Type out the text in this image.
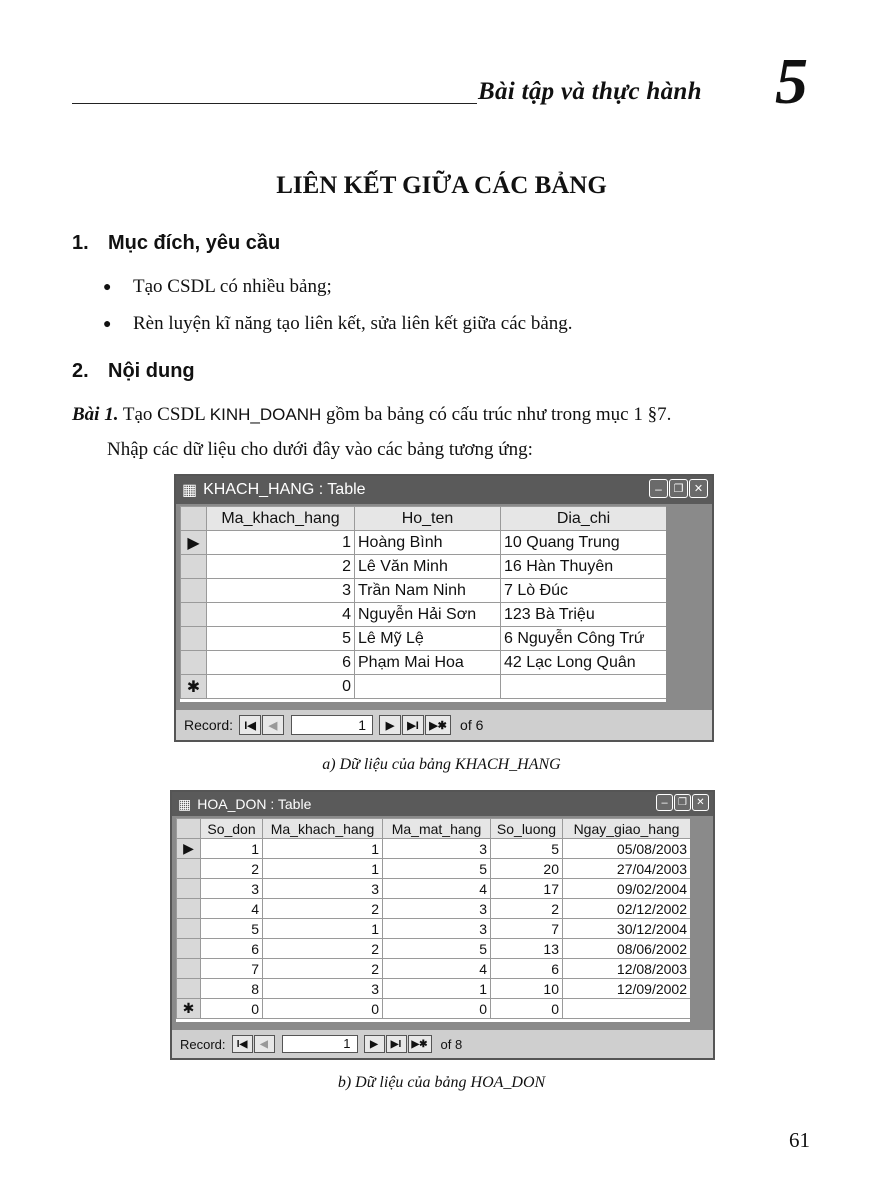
Bài tập và thực hành 5
LIÊN KẾT GIỮA CÁC BẢNG
1. Mục đích, yêu cầu
● Tạo CSDL có nhiều bảng;
● Rèn luyện kĩ năng tạo liên kết, sửa liên kết giữa các bảng.
2. Nội dung
Bài 1. Tạo CSDL KINH_DOANH gồm ba bảng có cấu trúc như trong mục 1 §7.
Nhập các dữ liệu cho dưới đây vào các bảng tương ứng:
▦ KHACH_HANG : Table	–	❐ ✕
	Ma_khach_hang	Ho_ten	Dia_chi
▶	1	Hoàng Bình	10 Quang Trung
	2	Lê Văn Minh	16 Hàn Thuyên
	3	Trần Nam Ninh	7 Lò Đúc
	4	Nguyễn Hải Sơn	123 Bà Triệu
	5	Lê Mỹ Lệ	6 Nguyễn Công Trứ
	6	Phạm Mai Hoa	42 Lạc Long Quân
✱	0		
Record:	I◀	◀	1	▶	▶I ▶✱ of 6
a) Dữ liệu của bảng KHACH_HANG
▦ HOA_DON : Table	–	❐ ✕
	So_don	Ma_khach_hang	Ma_mat_hang	So_luong	Ngay_giao_hang
▶	1	1	3	5	05/08/2003
	2	1	5	20	27/04/2003
	3	3	4	17	09/02/2004
	4	2	3	2	02/12/2002
	5	1	3	7	30/12/2004
	6	2	5	13	08/06/2002
	7	2	4	6	12/08/2003
	8	3	1	10	12/09/2002
✱	0	0	0	0	
Record:	I◀	◀	1	▶	▶I	▶✱ of 8
b) Dữ liệu của bảng HOA_DON
61
